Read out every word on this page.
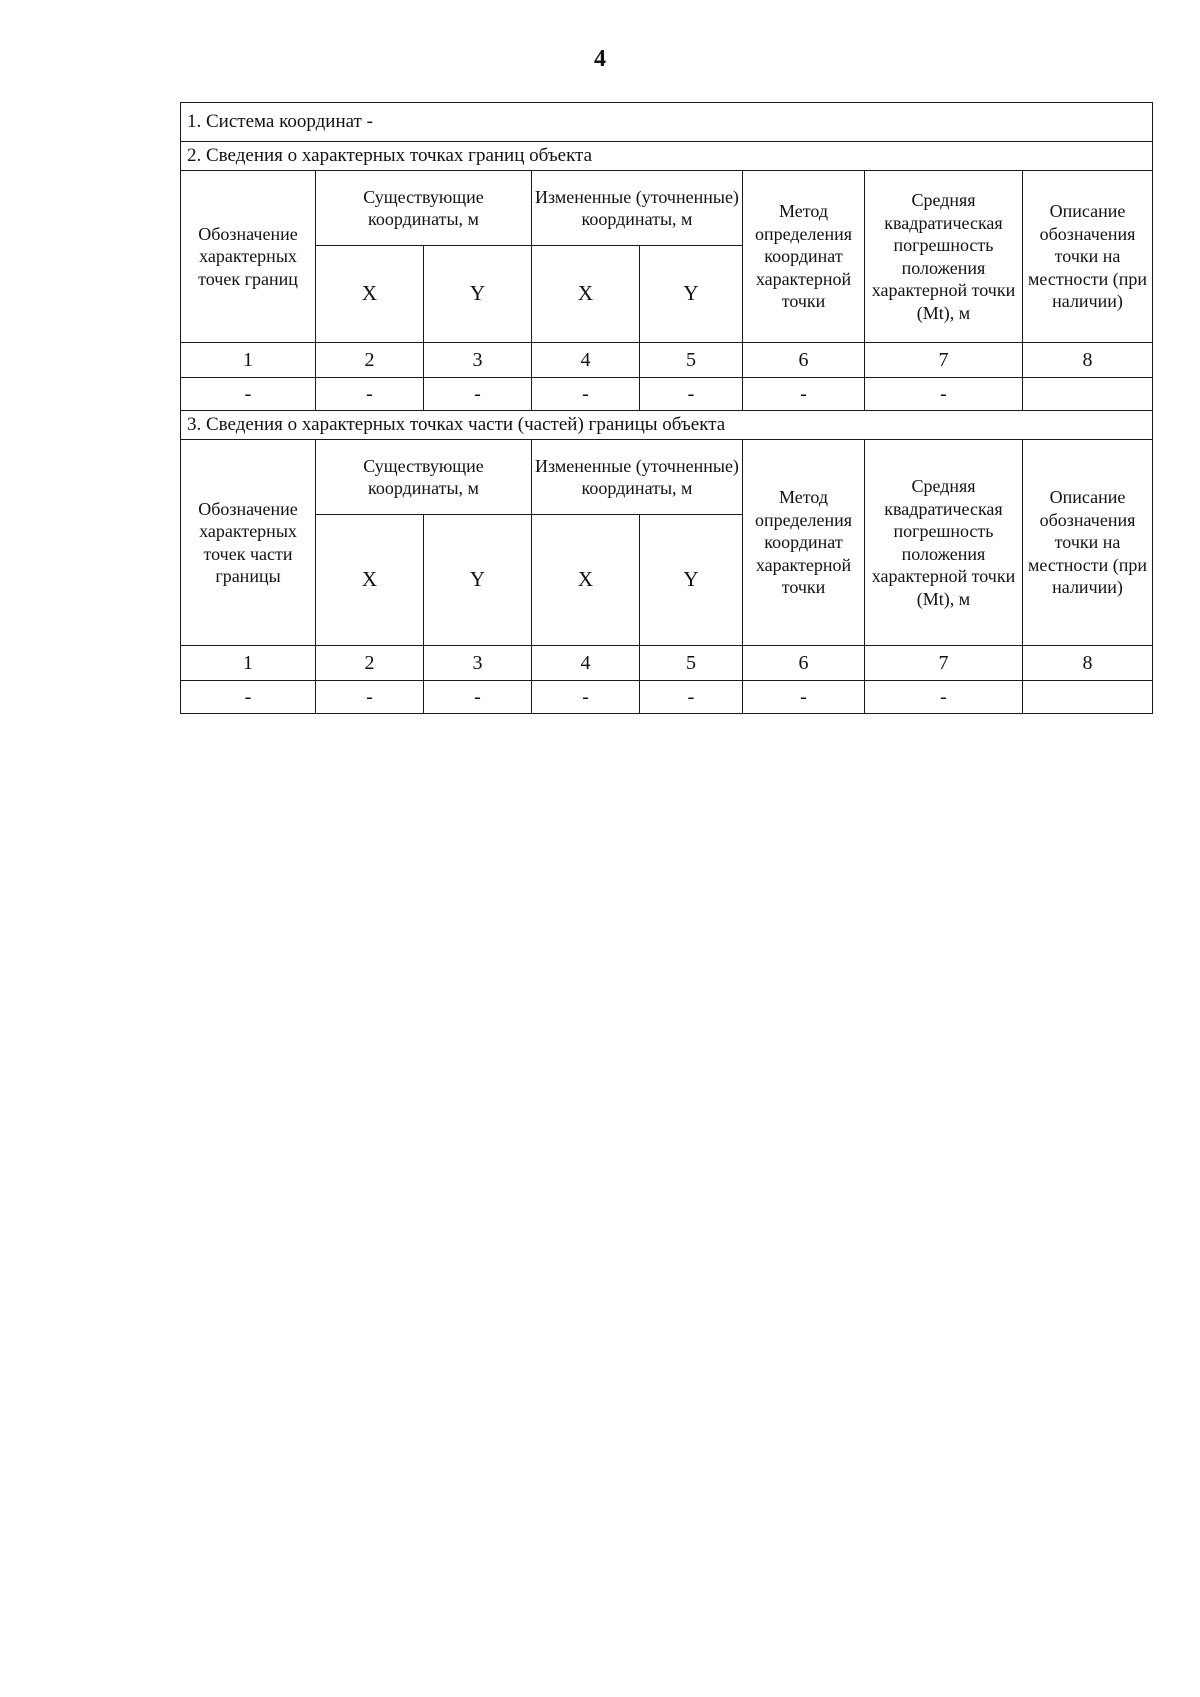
4
1. Система координат -							
2. Сведения о характерных точках границ объекта							
Обозначение характерных точек границ	Существующие координаты, м		Измененные (уточненные) координаты, м		Метод определения координат характерной точки	Средняя квадратическая погрешность положения характерной точки (Mt), м	Описание обозначения точки на местности (при наличии)
	X	Y	X	Y			
1	2	3	4	5	6	7	8
-	-	-	-	-	-	-	
3. Сведения о характерных точках части (частей) границы объекта							
Обозначение характерных точек части границы	Существующие координаты, м		Измененные (уточненные) координаты, м		Метод определения координат характерной точки	Средняя квадратическая погрешность положения характерной точки (Mt), м	Описание обозначения точки на местности (при наличии)
	X	Y	X	Y			
1	2	3	4	5	6	7	8
-	-	-	-	-	-	-	
